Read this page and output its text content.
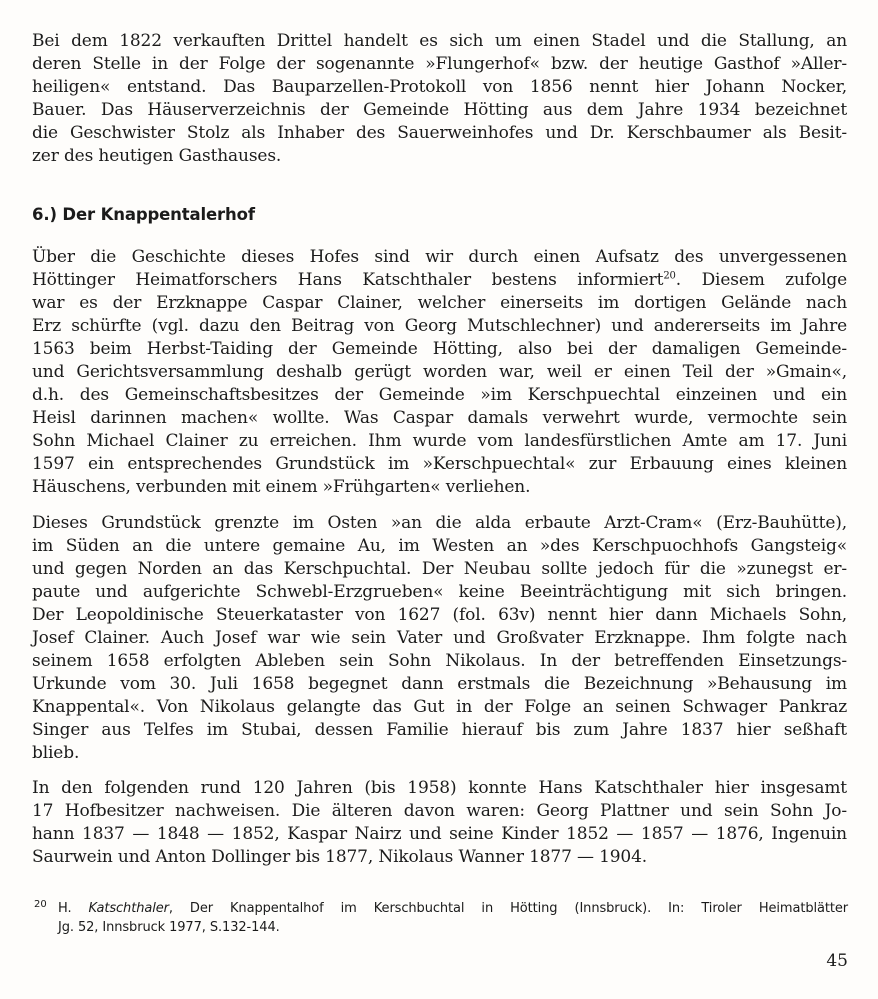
Bei dem 1822 verkauften Drittel handelt es sich um einen Stadel und die Stallung, an
deren Stelle in der Folge der sogenannte »Flungerhof« bzw. der heutige Gasthof »Aller-
heiligen« entstand. Das Bauparzellen-Protokoll von 1856 nennt hier Johann Nocker,
Bauer. Das Häuserverzeichnis der Gemeinde Hötting aus dem Jahre 1934 bezeichnet
die Geschwister Stolz als Inhaber des Sauerweinhofes und Dr. Kerschbaumer als Besit-
zer des heutigen Gasthauses.
6.) Der Knappentalerhof
Über die Geschichte dieses Hofes sind wir durch einen Aufsatz des unvergessenen
Höttinger Heimatforschers Hans Katschthaler bestens informiert$^{20}$. Diesem zufolge
war es der Erzknappe Caspar Clainer, welcher einerseits im dortigen Gelände nach
Erz schürfte (vgl. dazu den Beitrag von Georg Mutschlechner) und andererseits im Jahre
1563 beim Herbst-Taiding der Gemeinde Hötting, also bei der damaligen Gemeinde-
und Gerichtsversammlung deshalb gerügt worden war, weil er einen Teil der »Gmain«,
d.h. des Gemeinschaftsbesitzes der Gemeinde »im Kerschpuechtal einzeinen und ein
Heisl darinnen machen« wollte. Was Caspar damals verwehrt wurde, vermochte sein
Sohn Michael Clainer zu erreichen. Ihm wurde vom landesfürstlichen Amte am 17. Juni
1597 ein entsprechendes Grundstück im »Kerschpuechtal« zur Erbauung eines kleinen
Häuschens, verbunden mit einem »Frühgarten« verliehen.
Dieses Grundstück grenzte im Osten »an die alda erbaute Arzt-Cram« (Erz-Bauhütte),
im Süden an die untere gemaine Au, im Westen an »des Kerschpuochhofs Gangsteig«
und gegen Norden an das Kerschpuchtal. Der Neubau sollte jedoch für die »zunegst er-
paute und aufgerichte Schwebl-Erzgrueben« keine Beeinträchtigung mit sich bringen.
Der Leopoldinische Steuerkataster von 1627 (fol. 63v) nennt hier dann Michaels Sohn,
Josef Clainer. Auch Josef war wie sein Vater und Großvater Erzknappe. Ihm folgte nach
seinem 1658 erfolgten Ableben sein Sohn Nikolaus. In der betreffenden Einsetzungs-
Urkunde vom 30. Juli 1658 begegnet dann erstmals die Bezeichnung »Behausung im
Knappental«. Von Nikolaus gelangte das Gut in der Folge an seinen Schwager Pankraz
Singer aus Telfes im Stubai, dessen Familie hierauf bis zum Jahre 1837 hier seßhaft
blieb.
In den folgenden rund 120 Jahren (bis 1958) konnte Hans Katschthaler hier insgesamt
17 Hofbesitzer nachweisen. Die älteren davon waren: Georg Plattner und sein Sohn Jo-
hann 1837 — 1848 — 1852, Kaspar Nairz und seine Kinder 1852 — 1857 — 1876, Ingenuin
Saurwein und Anton Dollinger bis 1877, Nikolaus Wanner 1877 — 1904.
20 H. Katschthaler, Der Knappentalhof im Kerschbuchtal in Hötting (Innsbruck). In: Tiroler Heimatblätter
Jg. 52, Innsbruck 1977, S.132-144.
45
